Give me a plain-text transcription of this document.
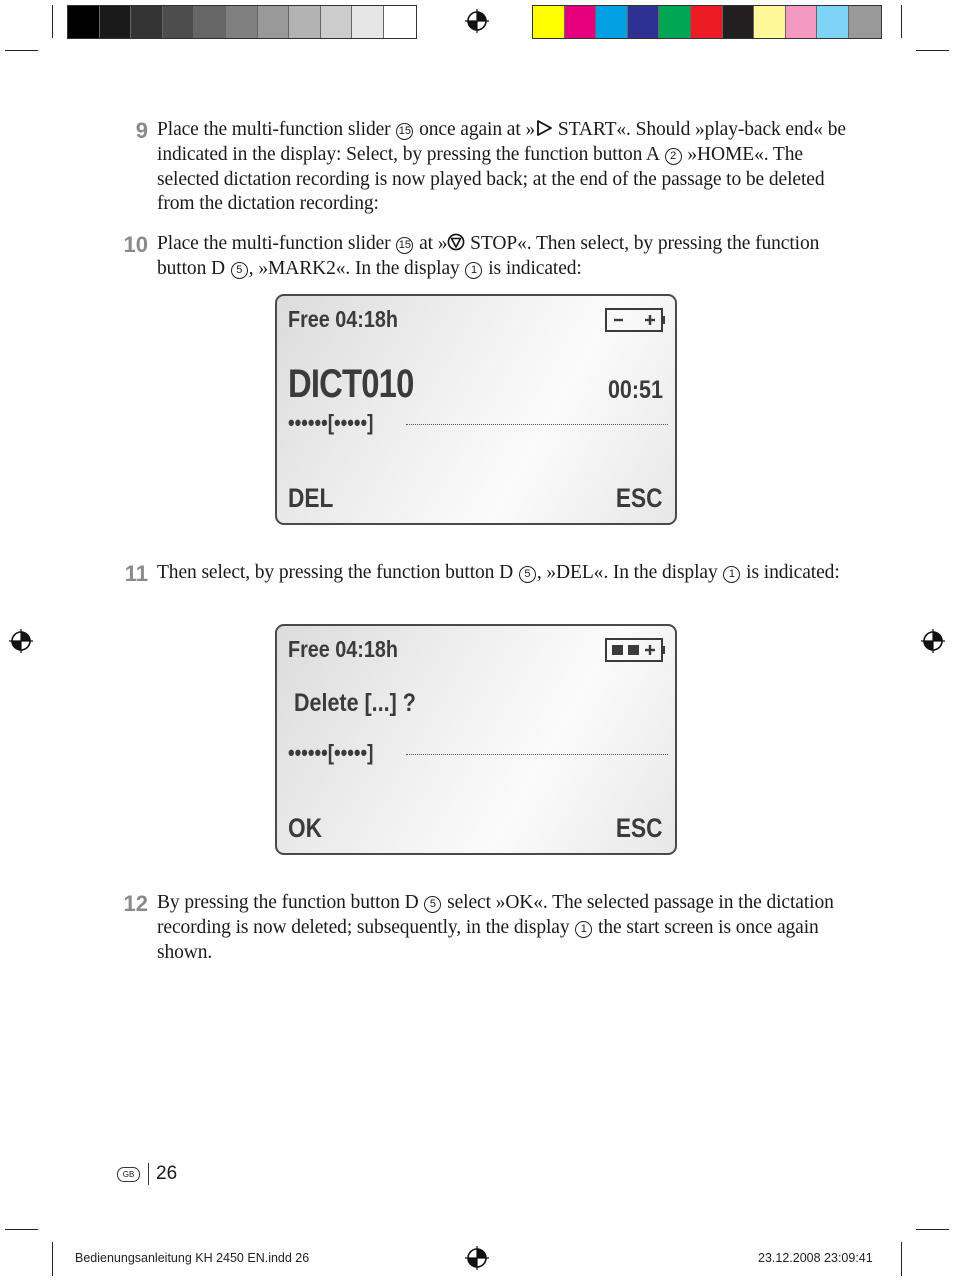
9 Place the multi-function slider 15 once again at » START«. Should »play-back end« be indicated in the display: Select, by pressing the function button A 2 »HOME«. The selected dictation recording is now played back; at the end of the passage to be deleted from the dictation recording:
10 Place the multi-function slider 15 at » STOP«. Then select, by pressing the function button D 5 , »MARK2«. In the display 1 is indicated:
Free 04:18h
DICT010	00:51
••••••[•••••]
DEL	ESC
11 Then select, by pressing the function button D 5 , »DEL«. In the display 1 is indicated:
Free 04:18h
Delete [...] ?
••••••[•••••]
OK	ESC
12 By pressing the function button D 5 select »OK«. The selected passage in the dictation recording is now deleted; subsequently, in the display 1 the start screen is once again shown.
GB	26
Bedienungsanleitung KH 2450 EN.indd 26	23.12.2008 23:09:41
